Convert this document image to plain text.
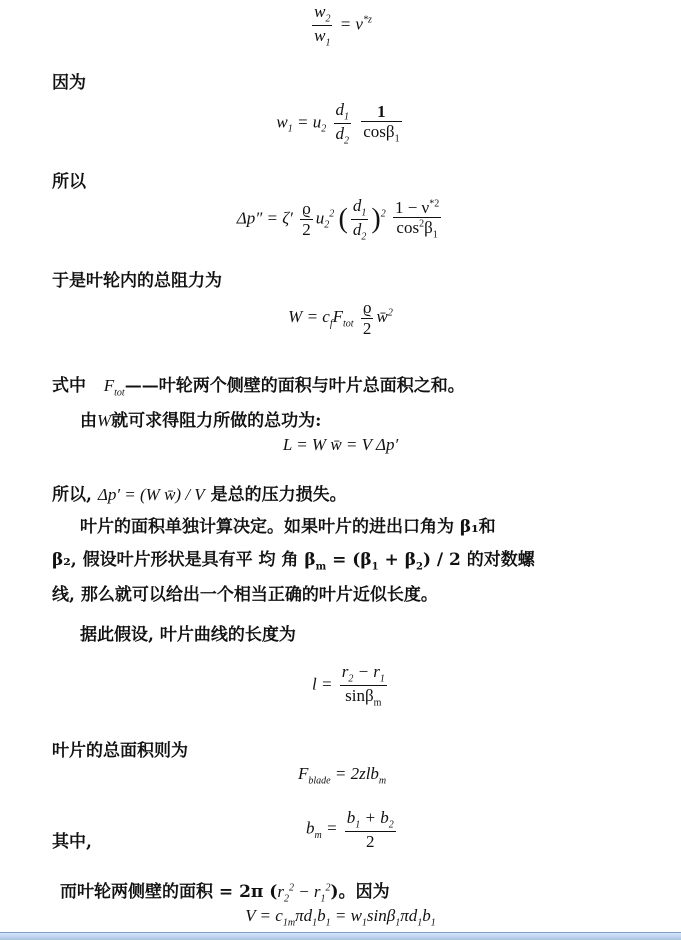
$\frac{w_2}{w_1} = \nu^{*z}$
因为
$w_1 = u_2 \frac{d_1}{d_2}$
$\frac{1}{\cos\beta_1}$
所以
$\Delta p'' = \zeta' \frac{ϱ}{2} u_2^2$ ( $\frac{d_1}{d_2} )^2 \frac{1 - \nu^{*2}}{\cos^2\beta_1}$
于是叶轮内的总阻力为
$W = c_fF_{tot} \frac{ϱ}{2}$ w̄$^2$
式中 $F_{tot}——$叶轮两个侧壁的面积与叶片总面积之和。
由W就可求得阻力所做的总功为:
L = W w̄ = V Δp′
所以, Δp′ = (W w̄) / V 是总的压力损失。
叶片的面积单独计算决定。如果叶片的进出口角为 β₁和
β₂, 假设叶片形状是具有平 均 角 $\beta_m = (\beta_1 + \beta_2) / 2$ 的对数螺
线, 那么就可以给出一个相当正确的叶片近似长度。
据此假设, 叶片曲线的长度为
$l = \frac{r_2 - r_1}{\sin\beta_m}$
叶片的总面积则为
$F_{blade} = 2zlb_m$
其中,
$b_m = \frac{b_1 + b_2}{2}$
而叶轮两侧壁的面积 = 2π $(r_2^2 - r_1^2)$。因为
$V = c_{1m}\pi d_1b_1 = w_1\sin\beta_1\pi d_1b_1$
